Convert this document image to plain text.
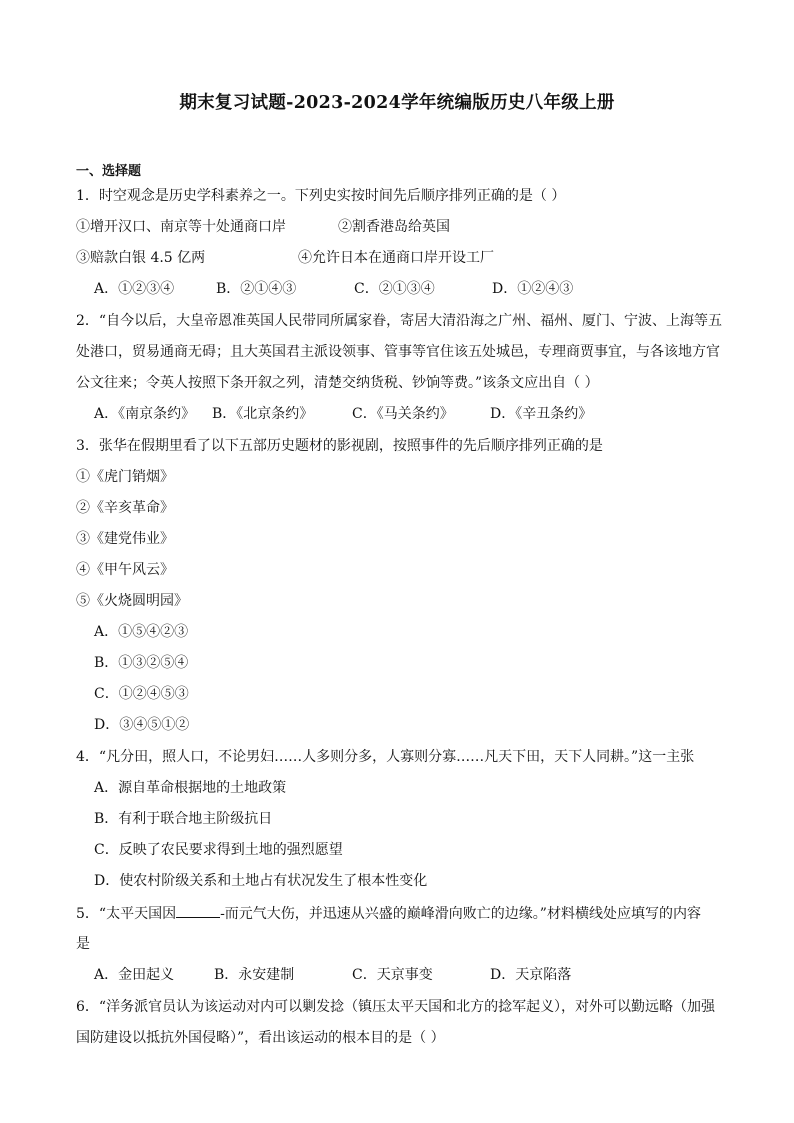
期末复习试题-2023-2024学年统编版历史八年级上册
一、选择题
1．时空观念是历史学科素养之一。下列史实按时间先后顺序排列正确的是（ ）
①增开汉口、南京等十处通商口岸	②割香港岛给英国
③赔款白银 4.5 亿两	④允许日本在通商口岸开设工厂
A．①②③④	B．②①④③	C．②①③④	D．①②④③
2．“自今以后，大皇帝恩准英国人民带同所属家眷，寄居大清沿海之广州、福州、厦门、宁波、上海等五
处港口，贸易通商无碍；且大英国君主派设领事、管事等官住该五处城邑，专理商贾事宜，与各该地方官
公文往来；令英人按照下条开叙之列，清楚交纳货税、钞饷等费。”该条文应出自（ ）
A．《南京条约》 B．《北京条约》	C．《马关条约》	D．《辛丑条约》
3．张华在假期里看了以下五部历史题材的影视剧，按照事件的先后顺序排列正确的是
①《虎门销烟》
②《辛亥革命》
③《建党伟业》
④《甲午风云》
⑤《火烧圆明园》
A．①⑤④②③
B．①③②⑤④
C．①②④⑤③
D．③④⑤①②
4．“凡分田，照人口，不论男妇……人多则分多，人寡则分寡……凡天下田，天下人同耕。”这一主张
A．源自革命根据地的土地政策
B．有利于联合地主阶级抗日
C．反映了农民要求得到土地的强烈愿望
D．使农村阶级关系和土地占有状况发生了根本性变化
5．“太平天国因	-而元气大伤，并迅速从兴盛的巅峰滑向败亡的边缘。”材料横线处应填写的内容
是
A．金田起义	B．永安建制	C．天京事变	D．天京陷落
6．“洋务派官员认为该运动对内可以剿发捻（镇压太平天国和北方的捻军起义），对外可以勤远略（加强
国防建设以抵抗外国侵略）”，看出该运动的根本目的是（ ）
